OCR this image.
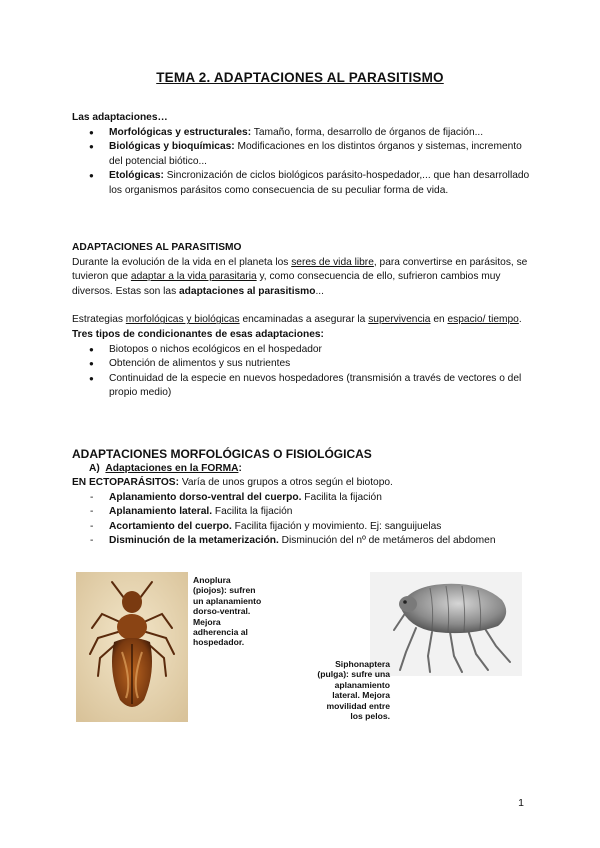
TEMA 2. ADAPTACIONES AL PARASITISMO
Las adaptaciones…
● Morfológicas y estructurales: Tamaño, forma, desarrollo de órganos de fijación...
● Biológicas y bioquímicas: Modificaciones en los distintos órganos y sistemas, incremento del potencial biótico...
● Etológicas: Sincronización de ciclos biológicos parásito-hospedador,... que han desarrollado los organismos parásitos como consecuencia de su peculiar forma de vida.
ADAPTACIONES AL PARASITISMO
Durante la evolución de la vida en el planeta los seres de vida libre, para convertirse en parásitos, se tuvieron que adaptar a la vida parasitaria y, como consecuencia de ello, sufrieron cambios muy diversos. Estas son las adaptaciones al parasitismo...
Estrategias morfológicas y biológicas encaminadas a asegurar la supervivencia en espacio/ tiempo.
Tres tipos de condicionantes de esas adaptaciones:
● Biotopos o nichos ecológicos en el hospedador
● Obtención de alimentos y sus nutrientes
● Continuidad de la especie en nuevos hospedadores (transmisión a través de vectores o del propio medio)
ADAPTACIONES MORFOLÓGICAS O FISIOLÓGICAS
A) Adaptaciones en la FORMA:
EN ECTOPARÁSITOS: Varía de unos grupos a otros según el biotopo.
- Aplanamiento dorso-ventral del cuerpo. Facilita la fijación
- Aplanamiento lateral. Facilita la fijación
- Acortamiento del cuerpo. Facilita fijación y movimiento. Ej: sanguijuelas
- Disminución de la metamerización. Disminución del nº de metámeros del abdomen
Anoplura
(piojos): sufren
un aplanamiento
dorso-ventral.
Mejora
adherencia al
hospedador.
Siphonaptera
(pulga): sufre una
aplanamiento
lateral. Mejora
movilidad entre
los pelos.
1
